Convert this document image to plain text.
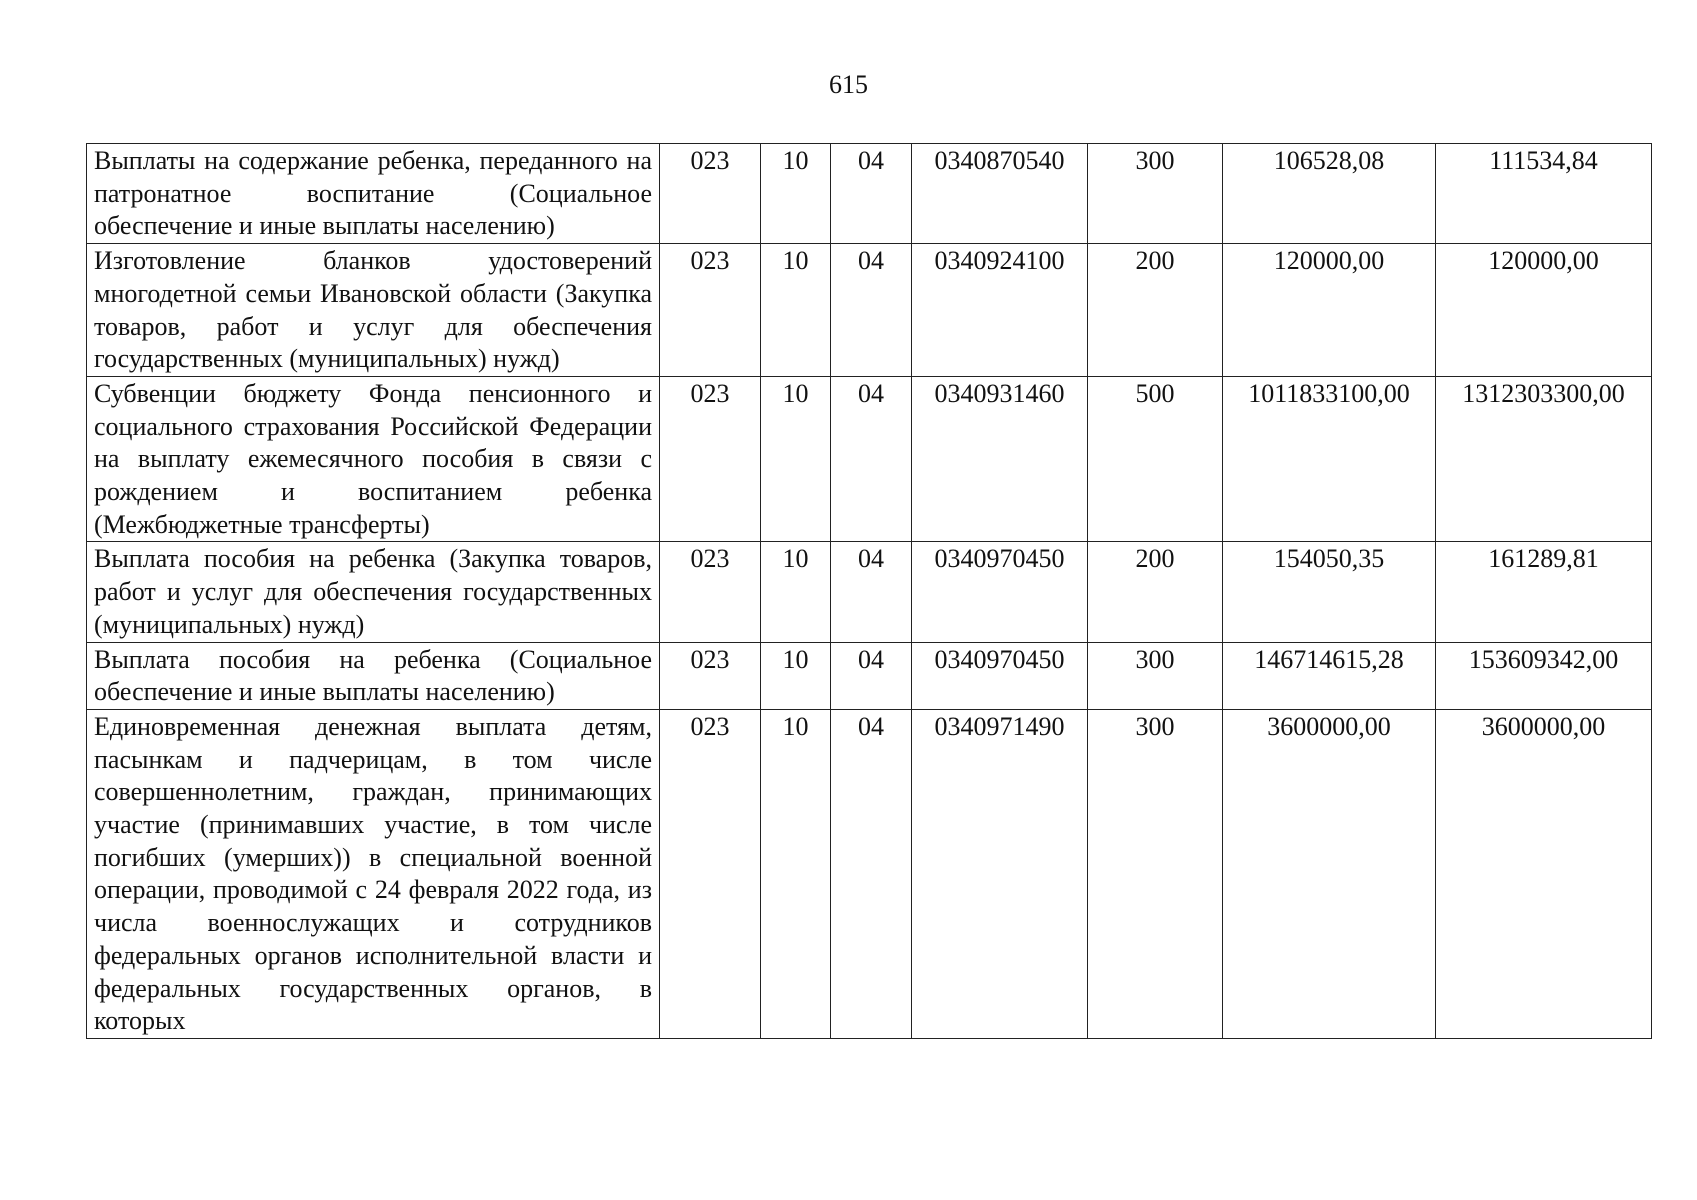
615
Выплаты на содержание ребенка, переданного на патронатное воспитание (Социальное обеспечение и иные выплаты населению)	023	10	04	0340870540	300	106528,08	111534,84
Изготовление бланков удостоверений многодетной семьи Ивановской области (Закупка товаров, работ и услуг для обеспечения государственных (муниципальных) нужд)	023	10	04	0340924100	200	120000,00	120000,00
Субвенции бюджету Фонда пенсионного и социального страхования Российской Федерации на выплату ежемесячного пособия в связи с рождением и воспитанием ребенка (Межбюджетные трансферты)	023	10	04	0340931460	500	1011833100,00	1312303300,00
Выплата пособия на ребенка (Закупка товаров, работ и услуг для обеспечения государственных (муниципальных) нужд)	023	10	04	0340970450	200	154050,35	161289,81
Выплата пособия на ребенка (Социальное обеспечение и иные выплаты населению)	023	10	04	0340970450	300	146714615,28	153609342,00
Единовременная денежная выплата детям, пасынкам и падчерицам, в том числе совершеннолетним, граждан, принимающих участие (принимавших участие, в том числе погибших (умерших)) в специальной военной операции, проводимой с 24 февраля 2022 года, из числа военнослужащих и сотрудников федеральных органов исполнительной власти и федеральных государственных органов, в которых	023	10	04	0340971490	300	3600000,00	3600000,00
